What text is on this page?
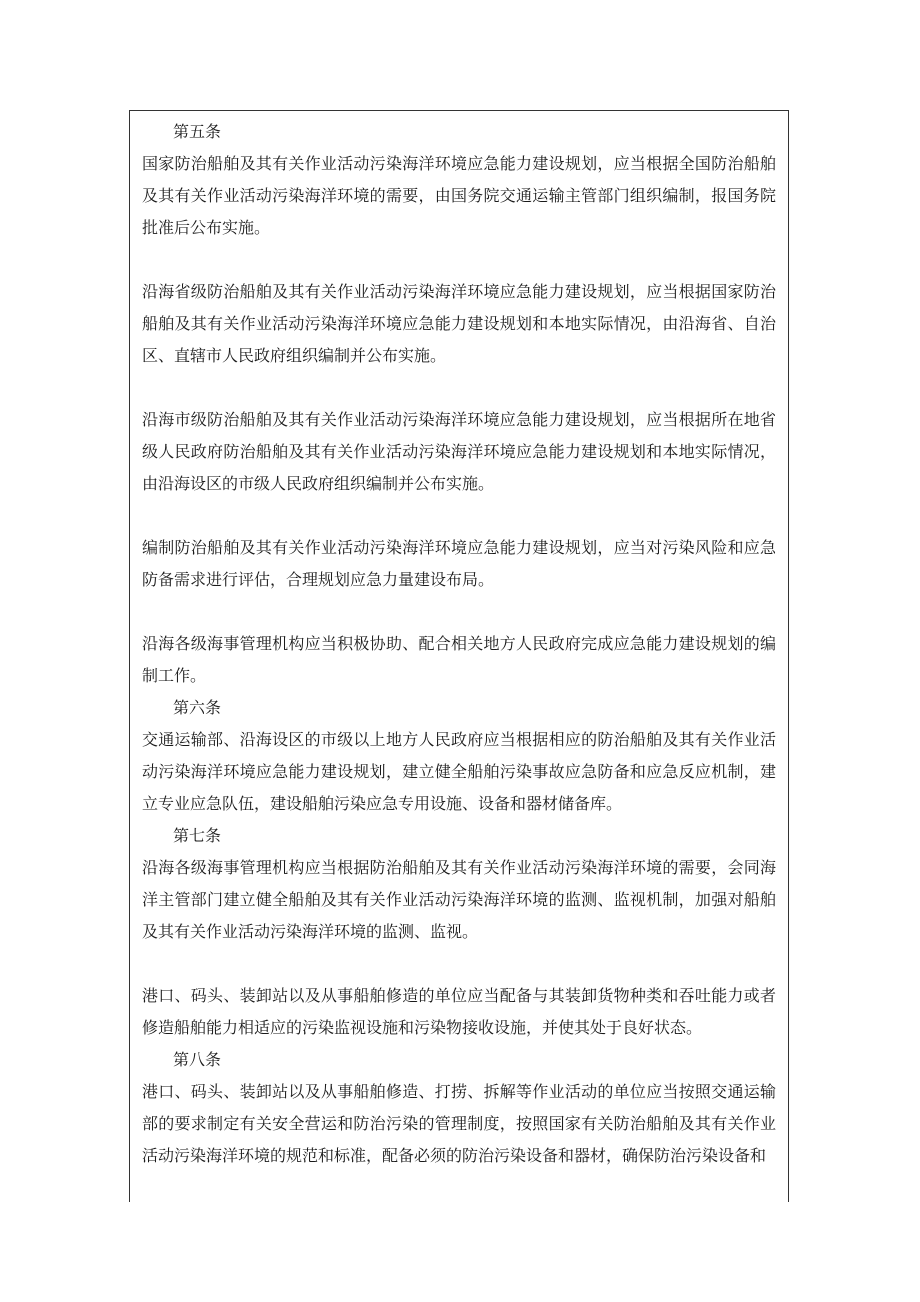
第五条

国家防治船舶及其有关作业活动污染海洋环境应急能力建设规划，应当根据全国防治船舶及其有关作业活动污染海洋环境的需要，由国务院交通运输主管部门组织编制，报国务院批准后公布实施。

沿海省级防治船舶及其有关作业活动污染海洋环境应急能力建设规划，应当根据国家防治船舶及其有关作业活动污染海洋环境应急能力建设规划和本地实际情况，由沿海省、自治区、直辖市人民政府组织编制并公布实施。

沿海市级防治船舶及其有关作业活动污染海洋环境应急能力建设规划，应当根据所在地省级人民政府防治船舶及其有关作业活动污染海洋环境应急能力建设规划和本地实际情况，由沿海设区的市级人民政府组织编制并公布实施。

编制防治船舶及其有关作业活动污染海洋环境应急能力建设规划，应当对污染风险和应急防备需求进行评估，合理规划应急力量建设布局。

沿海各级海事管理机构应当积极协助、配合相关地方人民政府完成应急能力建设规划的编制工作。

第六条

交通运输部、沿海设区的市级以上地方人民政府应当根据相应的防治船舶及其有关作业活动污染海洋环境应急能力建设规划，建立健全船舶污染事故应急防备和应急反应机制，建立专业应急队伍，建设船舶污染应急专用设施、设备和器材储备库。

第七条

沿海各级海事管理机构应当根据防治船舶及其有关作业活动污染海洋环境的需要，会同海洋主管部门建立健全船舶及其有关作业活动污染海洋环境的监测、监视机制，加强对船舶及其有关作业活动污染海洋环境的监测、监视。

港口、码头、装卸站以及从事船舶修造的单位应当配备与其装卸货物种类和吞吐能力或者修造船舶能力相适应的污染监视设施和污染物接收设施，并使其处于良好状态。

第八条

港口、码头、装卸站以及从事船舶修造、打捞、拆解等作业活动的单位应当按照交通运输部的要求制定有关安全营运和防治污染的管理制度，按照国家有关防治船舶及其有关作业活动污染海洋环境的规范和标准，配备必须的防治污染设备和器材，确保防治污染设备和
